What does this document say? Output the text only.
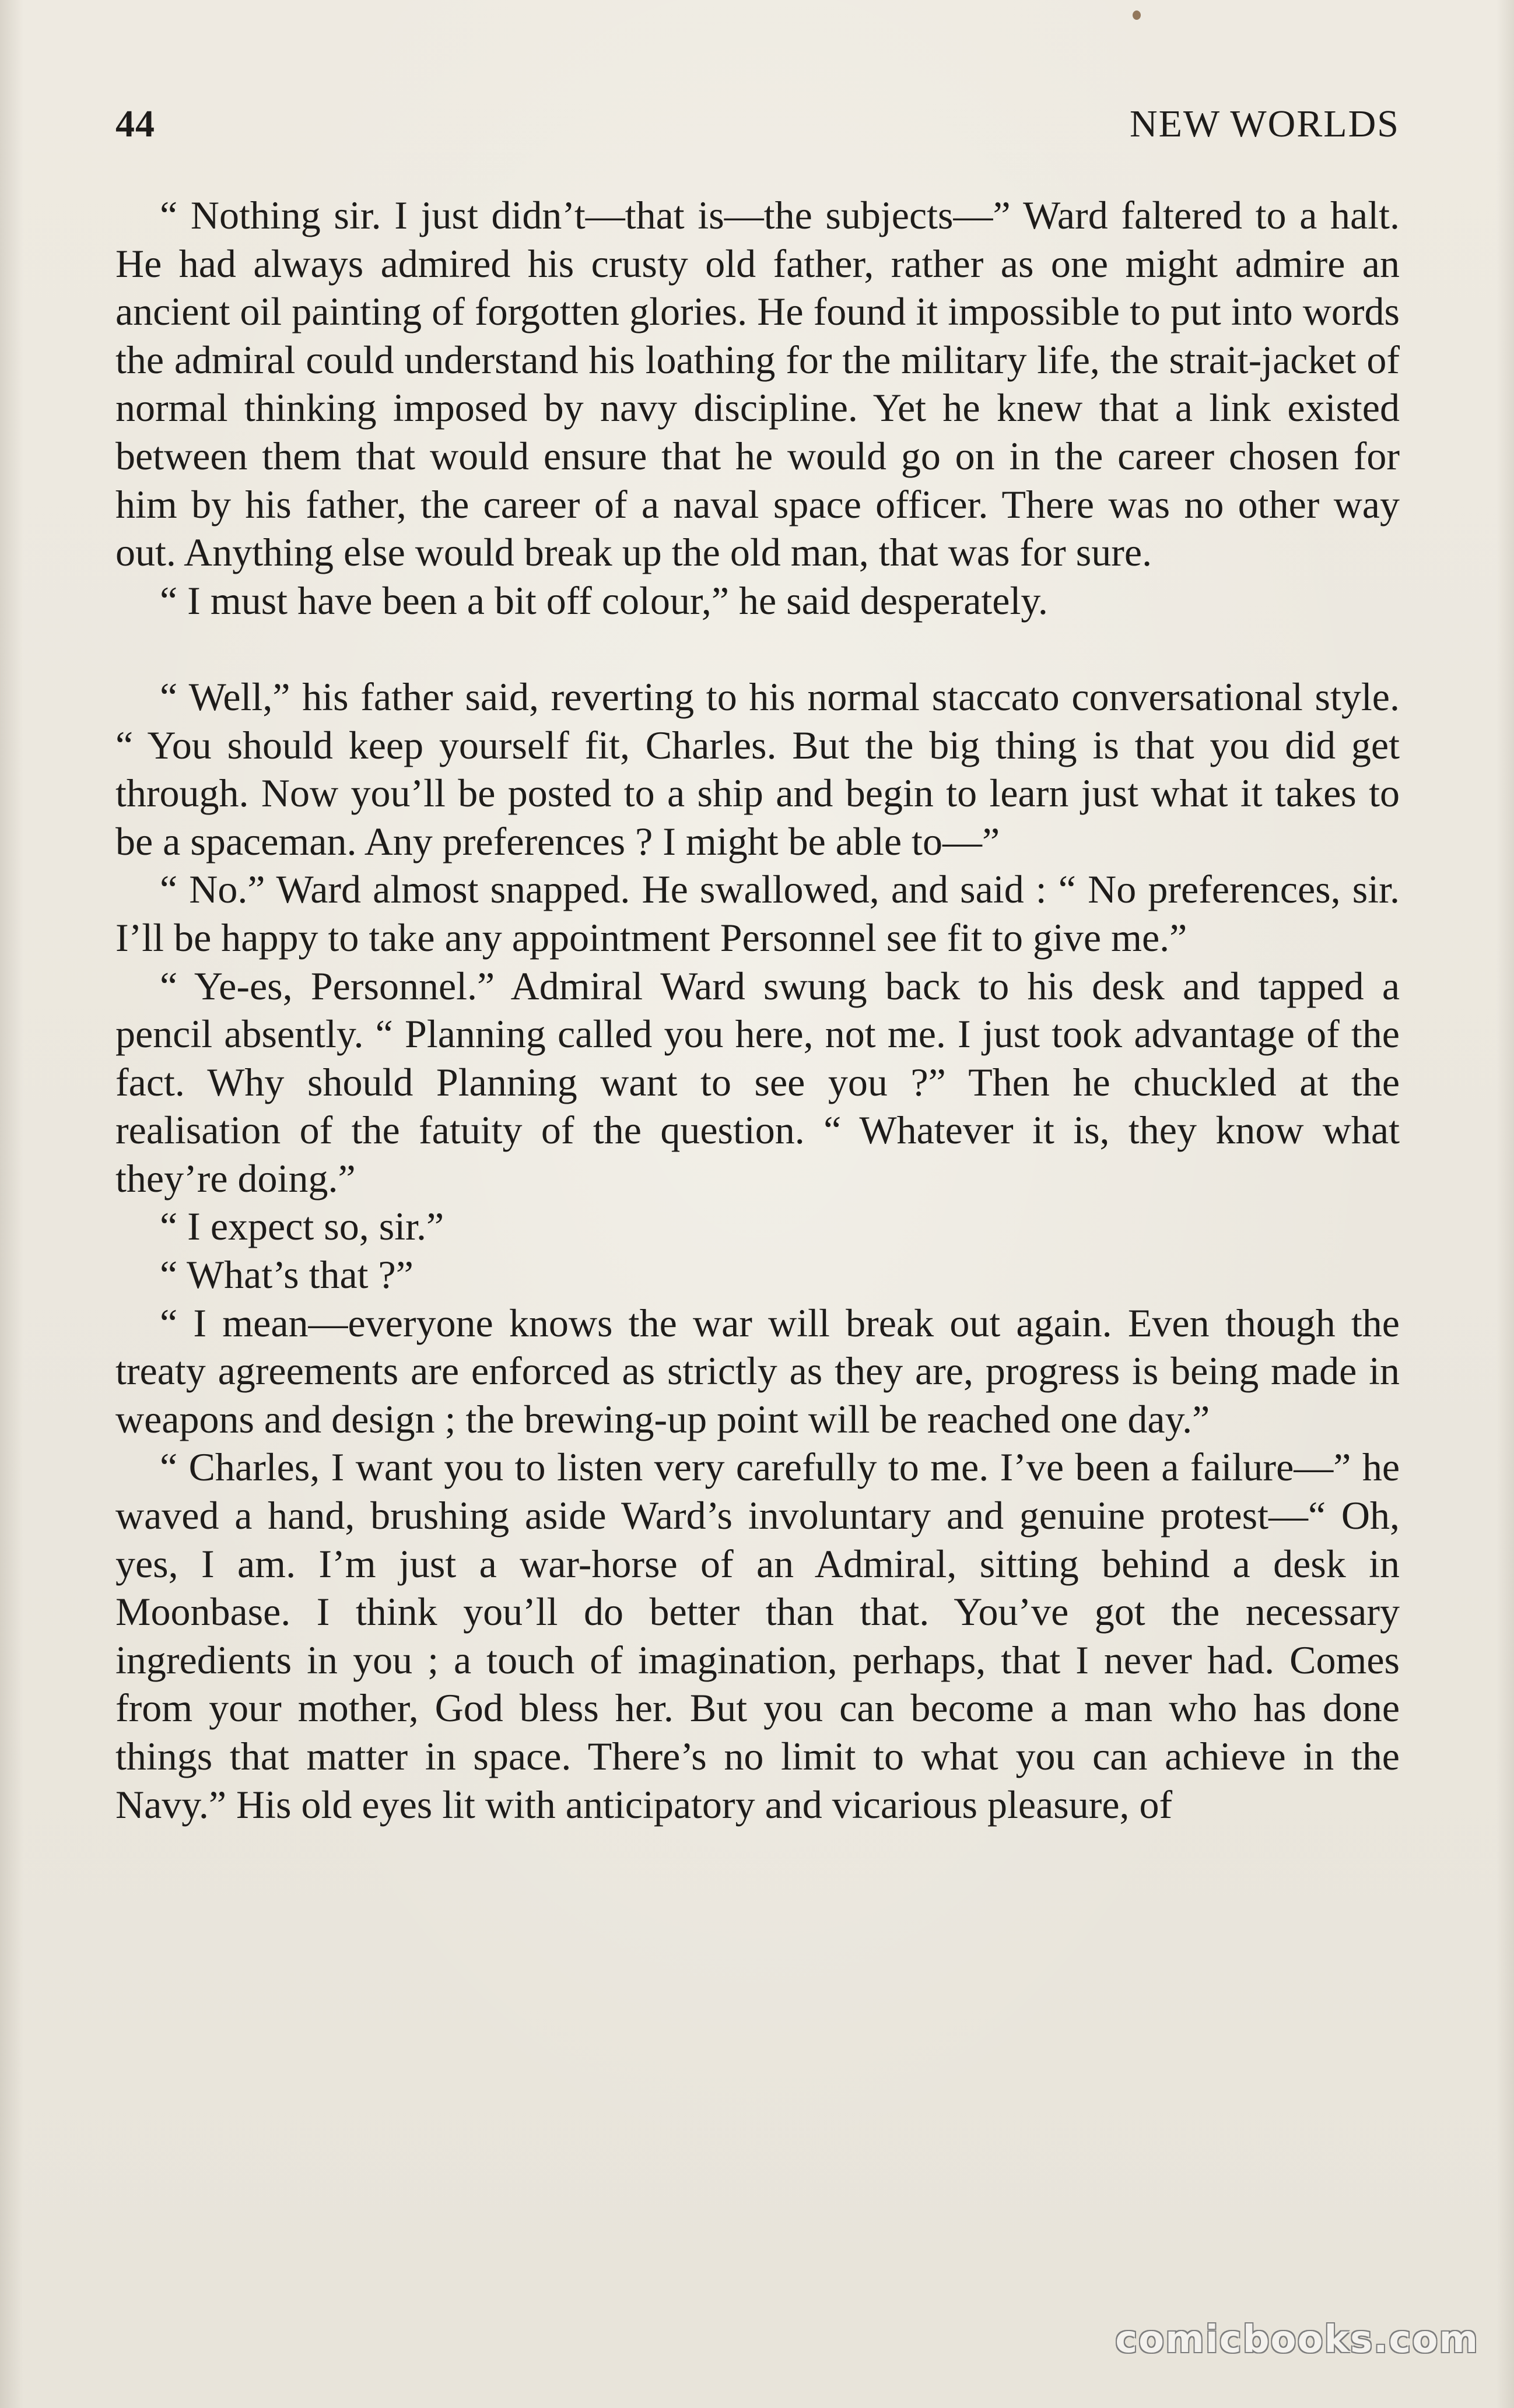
44	NEW WORLDS

“ Nothing sir. I just didn’t—that is—the subjects—” Ward faltered to a halt. He had always admired his crusty old father, rather as one might admire an ancient oil painting of forgotten glories. He found it impossible to put into words the admiral could understand his loathing for the military life, the strait-jacket of normal thinking imposed by navy discipline. Yet he knew that a link existed between them that would ensure that he would go on in the career chosen for him by his father, the career of a naval space officer. There was no other way out. Anything else would break up the old man, that was for sure.

“ I must have been a bit off colour,” he said desperately.

“ Well,” his father said, reverting to his normal staccato conversational style. “ You should keep yourself fit, Charles. But the big thing is that you did get through. Now you’ll be posted to a ship and begin to learn just what it takes to be a spaceman. Any preferences ? I might be able to—”

“ No.” Ward almost snapped. He swallowed, and said : “ No preferences, sir. I’ll be happy to take any appointment Personnel see fit to give me.”

“ Ye-es, Personnel.” Admiral Ward swung back to his desk and tapped a pencil absently. “ Planning called you here, not me. I just took advantage of the fact. Why should Planning want to see you ?” Then he chuckled at the realisation of the fatuity of the question. “ Whatever it is, they know what they’re doing.”

“ I expect so, sir.”

“ What’s that ?”

“ I mean—everyone knows the war will break out again. Even though the treaty agreements are enforced as strictly as they are, progress is being made in weapons and design ; the brewing-up point will be reached one day.”

“ Charles, I want you to listen very carefully to me. I’ve been a failure—” he waved a hand, brushing aside Ward’s involuntary and genuine protest—“ Oh, yes, I am. I’m just a war-horse of an Admiral, sitting behind a desk in Moonbase. I think you’ll do better than that. You’ve got the necessary ingredients in you ; a touch of imagination, perhaps, that I never had. Comes from your mother, God bless her. But you can become a man who has done things that matter in space. There’s no limit to what you can achieve in the Navy.” His old eyes lit with anticipatory and vicarious pleasure, of

comicbooks.com
